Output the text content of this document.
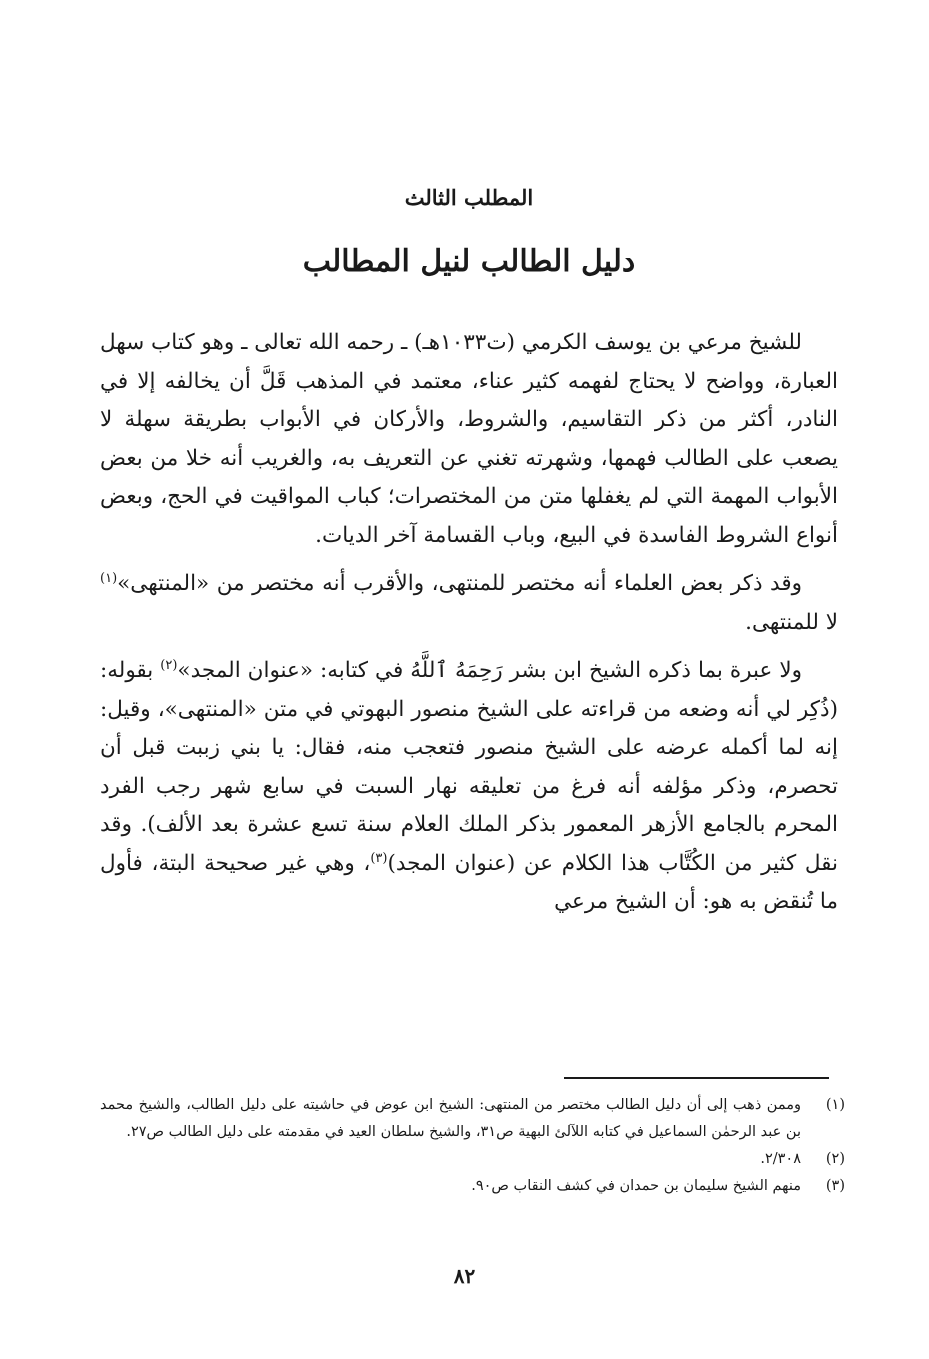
المطلب الثالث
دليل الطالب لنيل المطالب

للشيخ مرعي بن يوسف الكرمي (ت١٠٣٣هـ) ـ رحمه الله تعالى ـ وهو كتاب سهل العبارة، وواضح لا يحتاج لفهمه كثير عناء، معتمد في المذهب قَلَّ أن يخالفه إلا في النادر، أكثر من ذكر التقاسيم، والشروط، والأركان في الأبواب بطريقة سهلة لا يصعب على الطالب فهمها، وشهرته تغني عن التعريف به، والغريب أنه خلا من بعض الأبواب المهمة التي لم يغفلها متن من المختصرات؛ كباب المواقيت في الحج، وبعض أنواع الشروط الفاسدة في البيع، وباب القسامة آخر الديات.

وقد ذكر بعض العلماء أنه مختصر للمنتهى، والأقرب أنه مختصر من «المنتهى»$^{(١)}$ لا للمنتهى.

ولا عبرة بما ذكره الشيخ ابن بشر رَحِمَهُ ٱللَّهُ في كتابه: «عنوان المجد»$^{(٢)}$ بقوله: (ذُكِر لي أنه وضعه من قراءته على الشيخ منصور البهوتي في متن «المنتهى»، وقيل: إنه لما أكمله عرضه على الشيخ منصور فتعجب منه، فقال: يا بني زببت قبل أن تحصرم، وذكر مؤلفه أنه فرغ من تعليقه نهار السبت في سابع شهر رجب الفرد المحرم بالجامع الأزهر المعمور بذكر الملك العلام سنة تسع عشرة بعد الألف). وقد نقل كثير من الكُتَّاب هذا الكلام عن (عنوان المجد)$^{(٣)}$، وهي غير صحيحة البتة، فأول ما تُنقض به هو: أن الشيخ مرعي

(١)
وممن ذهب إلى أن دليل الطالب مختصر من المنتهى: الشيخ ابن عوض في حاشيته على دليل الطالب، والشيخ محمد بن عبد الرحمٰن السماعيل في كتابه اللآلئ البهية ص٣١، والشيخ سلطان العيد في مقدمته على دليل الطالب ص٢٧.
(٢)
٢/٣٠٨.
(٣)
منهم الشيخ سليمان بن حمدان في كشف النقاب ص٩٠.
٨٢
